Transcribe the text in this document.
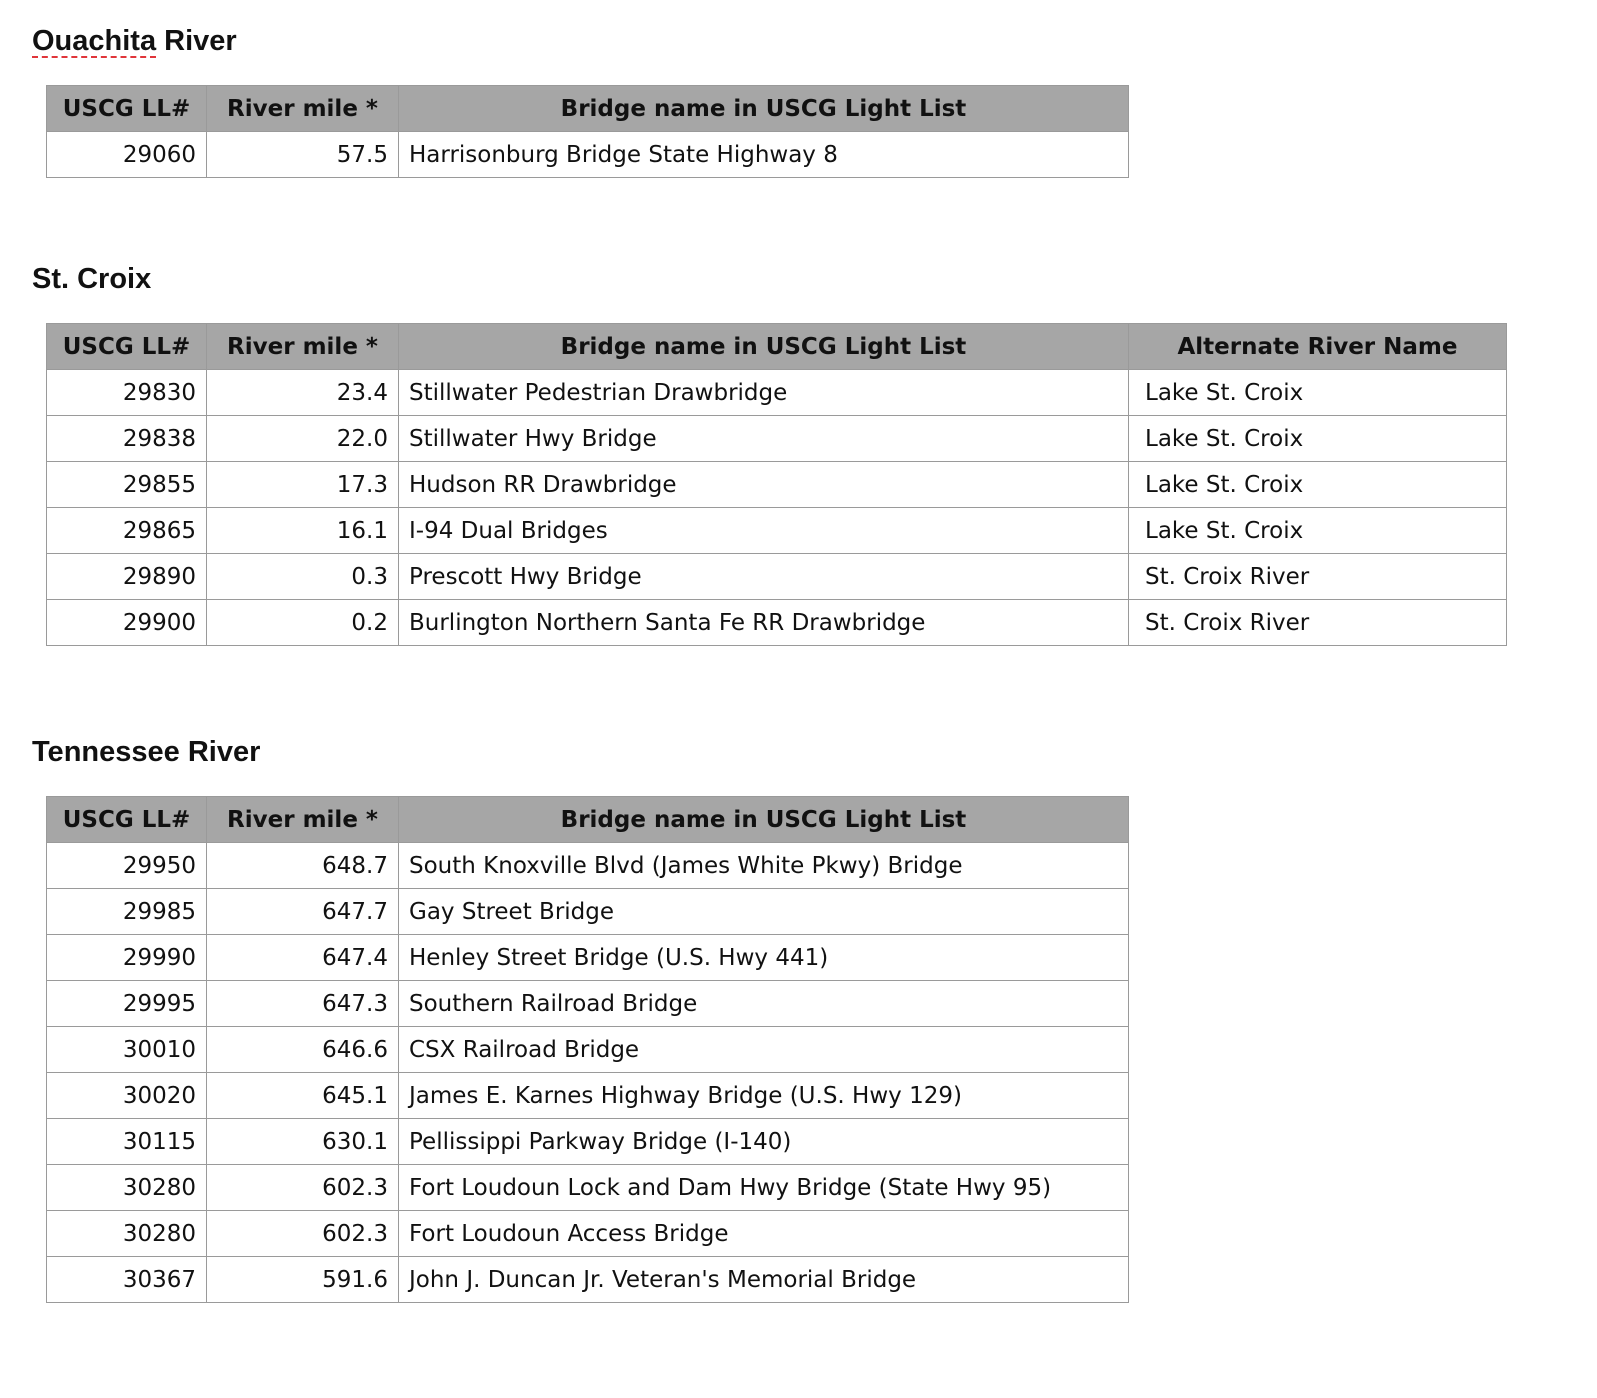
Ouachita River
USCG LL#	River mile *	Bridge name in USCG Light List
29060	57.5	Harrisonburg Bridge State Highway 8
St. Croix
USCG LL#	River mile *	Bridge name in USCG Light List	Alternate River Name
29830	23.4	Stillwater Pedestrian Drawbridge	Lake St. Croix
29838	22.0	Stillwater Hwy Bridge	Lake St. Croix
29855	17.3	Hudson RR Drawbridge	Lake St. Croix
29865	16.1	I-94 Dual Bridges	Lake St. Croix
29890	0.3	Prescott Hwy Bridge	St. Croix River
29900	0.2	Burlington Northern Santa Fe RR Drawbridge	St. Croix River
Tennessee River
USCG LL#	River mile *	Bridge name in USCG Light List
29950	648.7	South Knoxville Blvd (James White Pkwy) Bridge
29985	647.7	Gay Street Bridge
29990	647.4	Henley Street Bridge (U.S. Hwy 441)
29995	647.3	Southern Railroad Bridge
30010	646.6	CSX Railroad Bridge
30020	645.1	James E. Karnes Highway Bridge (U.S. Hwy 129)
30115	630.1	Pellissippi Parkway Bridge (I-140)
30280	602.3	Fort Loudoun Lock and Dam Hwy Bridge (State Hwy 95)
30280	602.3	Fort Loudoun Access Bridge
30367	591.6	John J. Duncan Jr. Veteran's Memorial Bridge
